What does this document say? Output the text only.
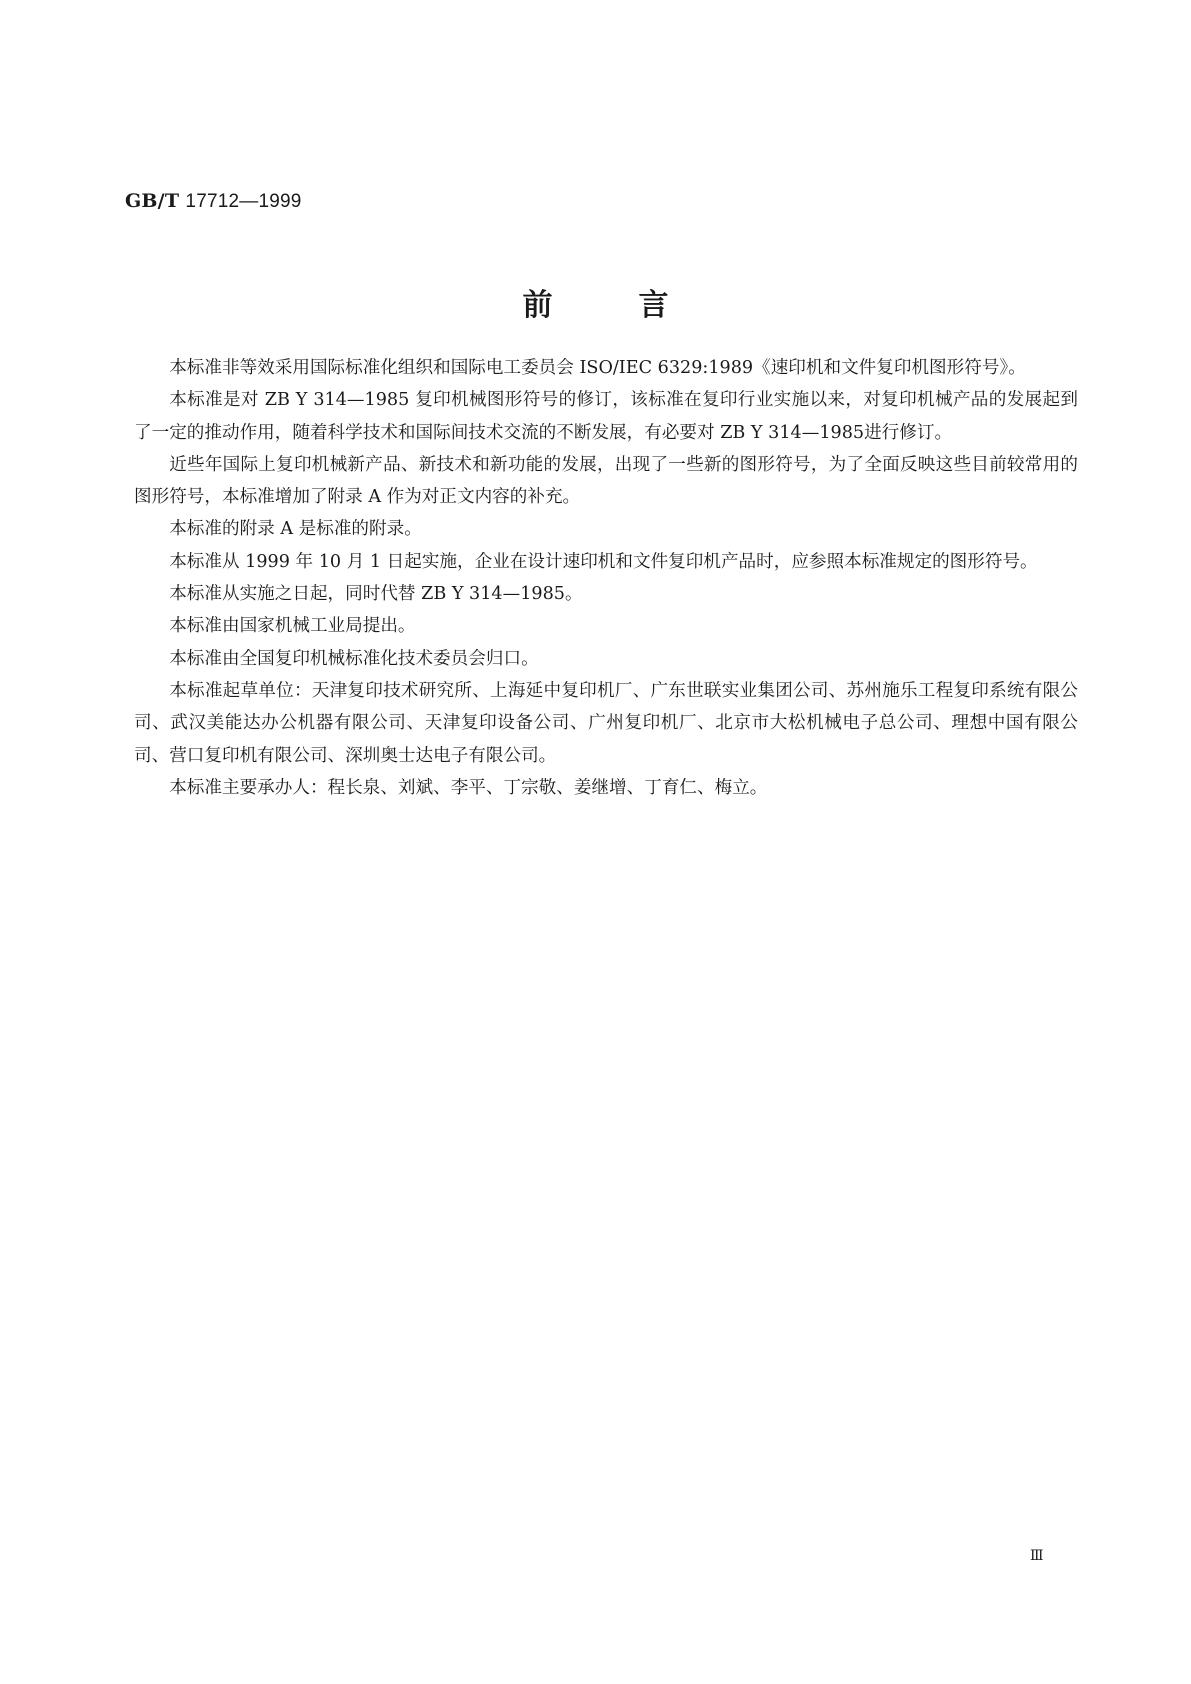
GB/T 17712—1999
前言

本标准非等效采用国际标准化组织和国际电工委员会 ISO/IEC 6329:1989《速印机和文件复印机图形符号》。

本标准是对 ZB Y 314—1985 复印机械图形符号的修订，该标准在复印行业实施以来，对复印机械产品的发展起到了一定的推动作用，随着科学技术和国际间技术交流的不断发展，有必要对 ZB Y 314—1985进行修订。

近些年国际上复印机械新产品、新技术和新功能的发展，出现了一些新的图形符号，为了全面反映这些目前较常用的图形符号，本标准增加了附录 A 作为对正文内容的补充。

本标准的附录 A 是标准的附录。

本标准从 1999 年 10 月 1 日起实施，企业在设计速印机和文件复印机产品时，应参照本标准规定的图形符号。

本标准从实施之日起，同时代替 ZB Y 314—1985。

本标准由国家机械工业局提出。

本标准由全国复印机械标准化技术委员会归口。

本标准起草单位：天津复印技术研究所、上海延中复印机厂、广东世联实业集团公司、苏州施乐工程复印系统有限公司、武汉美能达办公机器有限公司、天津复印设备公司、广州复印机厂、北京市大松机械电子总公司、理想中国有限公司、营口复印机有限公司、深圳奥士达电子有限公司。

本标准主要承办人：程长泉、刘斌、李平、丁宗敬、姜继增、丁育仁、梅立。

Ⅲ
